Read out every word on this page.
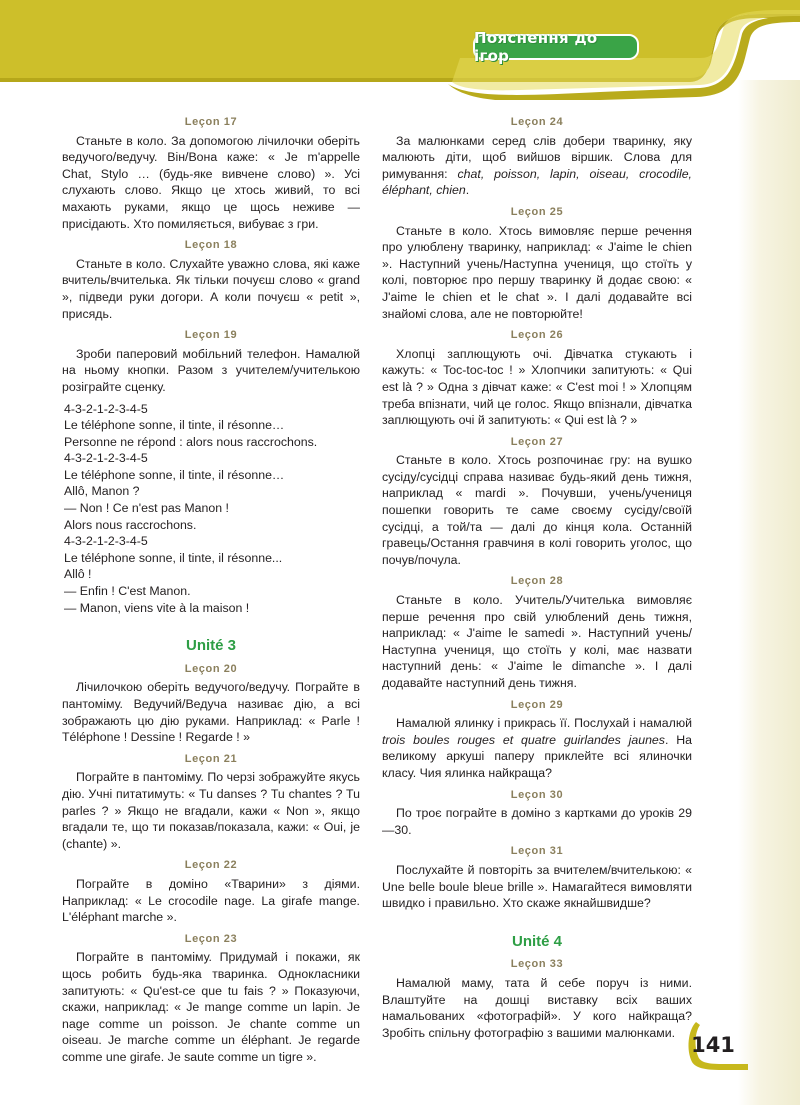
Пояснення до ігор
Leçon 17
Станьте в коло. За допомогою лічилочки оберіть ведучого/ведучу. Він/Вона каже: « Je m'appelle Chat, Stylo … (будь-яке вивчене слово) ». Усі слухають слово. Якщо це хтось живий, то всі махають руками, якщо це щось неживе — присідають. Хто помиляється, вибуває з гри.
Leçon 18
Станьте в коло. Слухайте уважно слова, які каже вчитель/вчителька. Як тільки почуєш слово « grand », підведи руки догори. А коли почуєш « petit », присядь.
Leçon 19
Зроби паперовий мобільний телефон. Намалюй на ньому кнопки. Разом з учителем/учителькою розіграйте сценку.
4-3-2-1-2-3-4-5
Le téléphone sonne, il tinte, il résonne…
Personne ne répond : alors nous raccrochons.
4-3-2-1-2-3-4-5
Le téléphone sonne, il tinte, il résonne…
Allô, Manon ?
— Non ! Ce n'est pas Manon !
Alors nous raccrochons.
4-3-2-1-2-3-4-5
Le téléphone sonne, il tinte, il résonne...
Allô !
— Enfin ! C'est Manon.
— Manon, viens vite à la maison !
Unité 3
Leçon 20
Лічилочкою оберіть ведучого/ведучу. Пограйте в пантоміму. Ведучий/Ведуча називає дію, а всі зображають цю дію руками. Наприклад: « Parle ! Téléphone ! Dessine ! Regarde ! »
Leçon 21
Пограйте в пантоміму. По черзі зображуйте якусь дію. Учні питатимуть: « Tu danses ? Tu chantes ? Tu parles ? » Якщо не вгадали, кажи « Non », якщо вгадали те, що ти показав/показала, кажи: « Oui, je (chante) ».
Leçon 22
Пограйте в доміно «Тварини» з діями. Наприклад: « Le crocodile nage. La girafe mange. L'éléphant marche ».
Leçon 23
Пограйте в пантоміму. Придумай і покажи, як щось робить будь-яка тваринка. Однокласники запитують: « Qu'est-ce que tu fais ? » Показуючи, скажи, наприклад: « Je mange comme un lapin. Je nage comme un poisson. Je chante comme un oiseau. Je marche comme un éléphant. Je regarde comme une girafe. Je saute comme un tigre ».
Leçon 24
За малюнками серед слів добери тваринку, яку малюють діти, щоб вийшов віршик. Слова для римування: chat, poisson, lapin, oiseau, crocodile, éléphant, chien.
Leçon 25
Станьте в коло. Хтось вимовляє перше речення про улюблену тваринку, наприклад: « J'aime le chien ». Наступний учень/Наступна учениця, що стоїть у колі, повторює про першу тваринку й додає свою: « J'aime le chien et le chat ». І далі додавайте всі знайомі слова, але не повторюйте!
Leçon 26
Хлопці заплющують очі. Дівчатка стукають і кажуть: « Toc-toc-toc ! » Хлопчики запитують: « Qui est là ? » Одна з дівчат каже: « C'est moi ! » Хлопцям треба впізнати, чий це голос. Якщо впізнали, дівчатка заплющують очі й запитують: « Qui est là ? »
Leçon 27
Станьте в коло. Хтось розпочинає гру: на вушко сусіду/сусідці справа називає будь-який день тижня, наприклад « mardi ». Почувши, учень/учениця пошепки говорить те саме своєму сусіду/своїй сусідці, а той/та — далі до кінця кола. Останній гравець/Остання гравчиня в колі говорить уголос, що почув/почула.
Leçon 28
Станьте в коло. Учитель/Учителька вимовляє перше речення про свій улюблений день тижня, наприклад: « J'aime le samedi ». Наступний учень/Наступна учениця, що стоїть у колі, має назвати наступний день: « J'aime le dimanche ». І далі додавайте наступний день тижня.
Leçon 29
Намалюй ялинку і прикрась її. Послухай і намалюй trois boules rouges et quatre guirlandes jaunes. На великому аркуші паперу приклейте всі ялиночки класу. Чия ялинка найкраща?
Leçon 30
По троє пограйте в доміно з картками до уроків 29—30.
Leçon 31
Послухайте й повторіть за вчителем/вчителькою: « Une belle boule bleue brille ». Намагайтеся вимовляти швидко і правильно. Хто скаже якнайшвидше?
Unité 4
Leçon 33
Намалюй маму, тата й себе поруч із ними. Влаштуйте на дошці виставку всіх ваших намальованих «фотографій». У кого найкраща? Зробіть спільну фотографію з вашими малюнками.
141
